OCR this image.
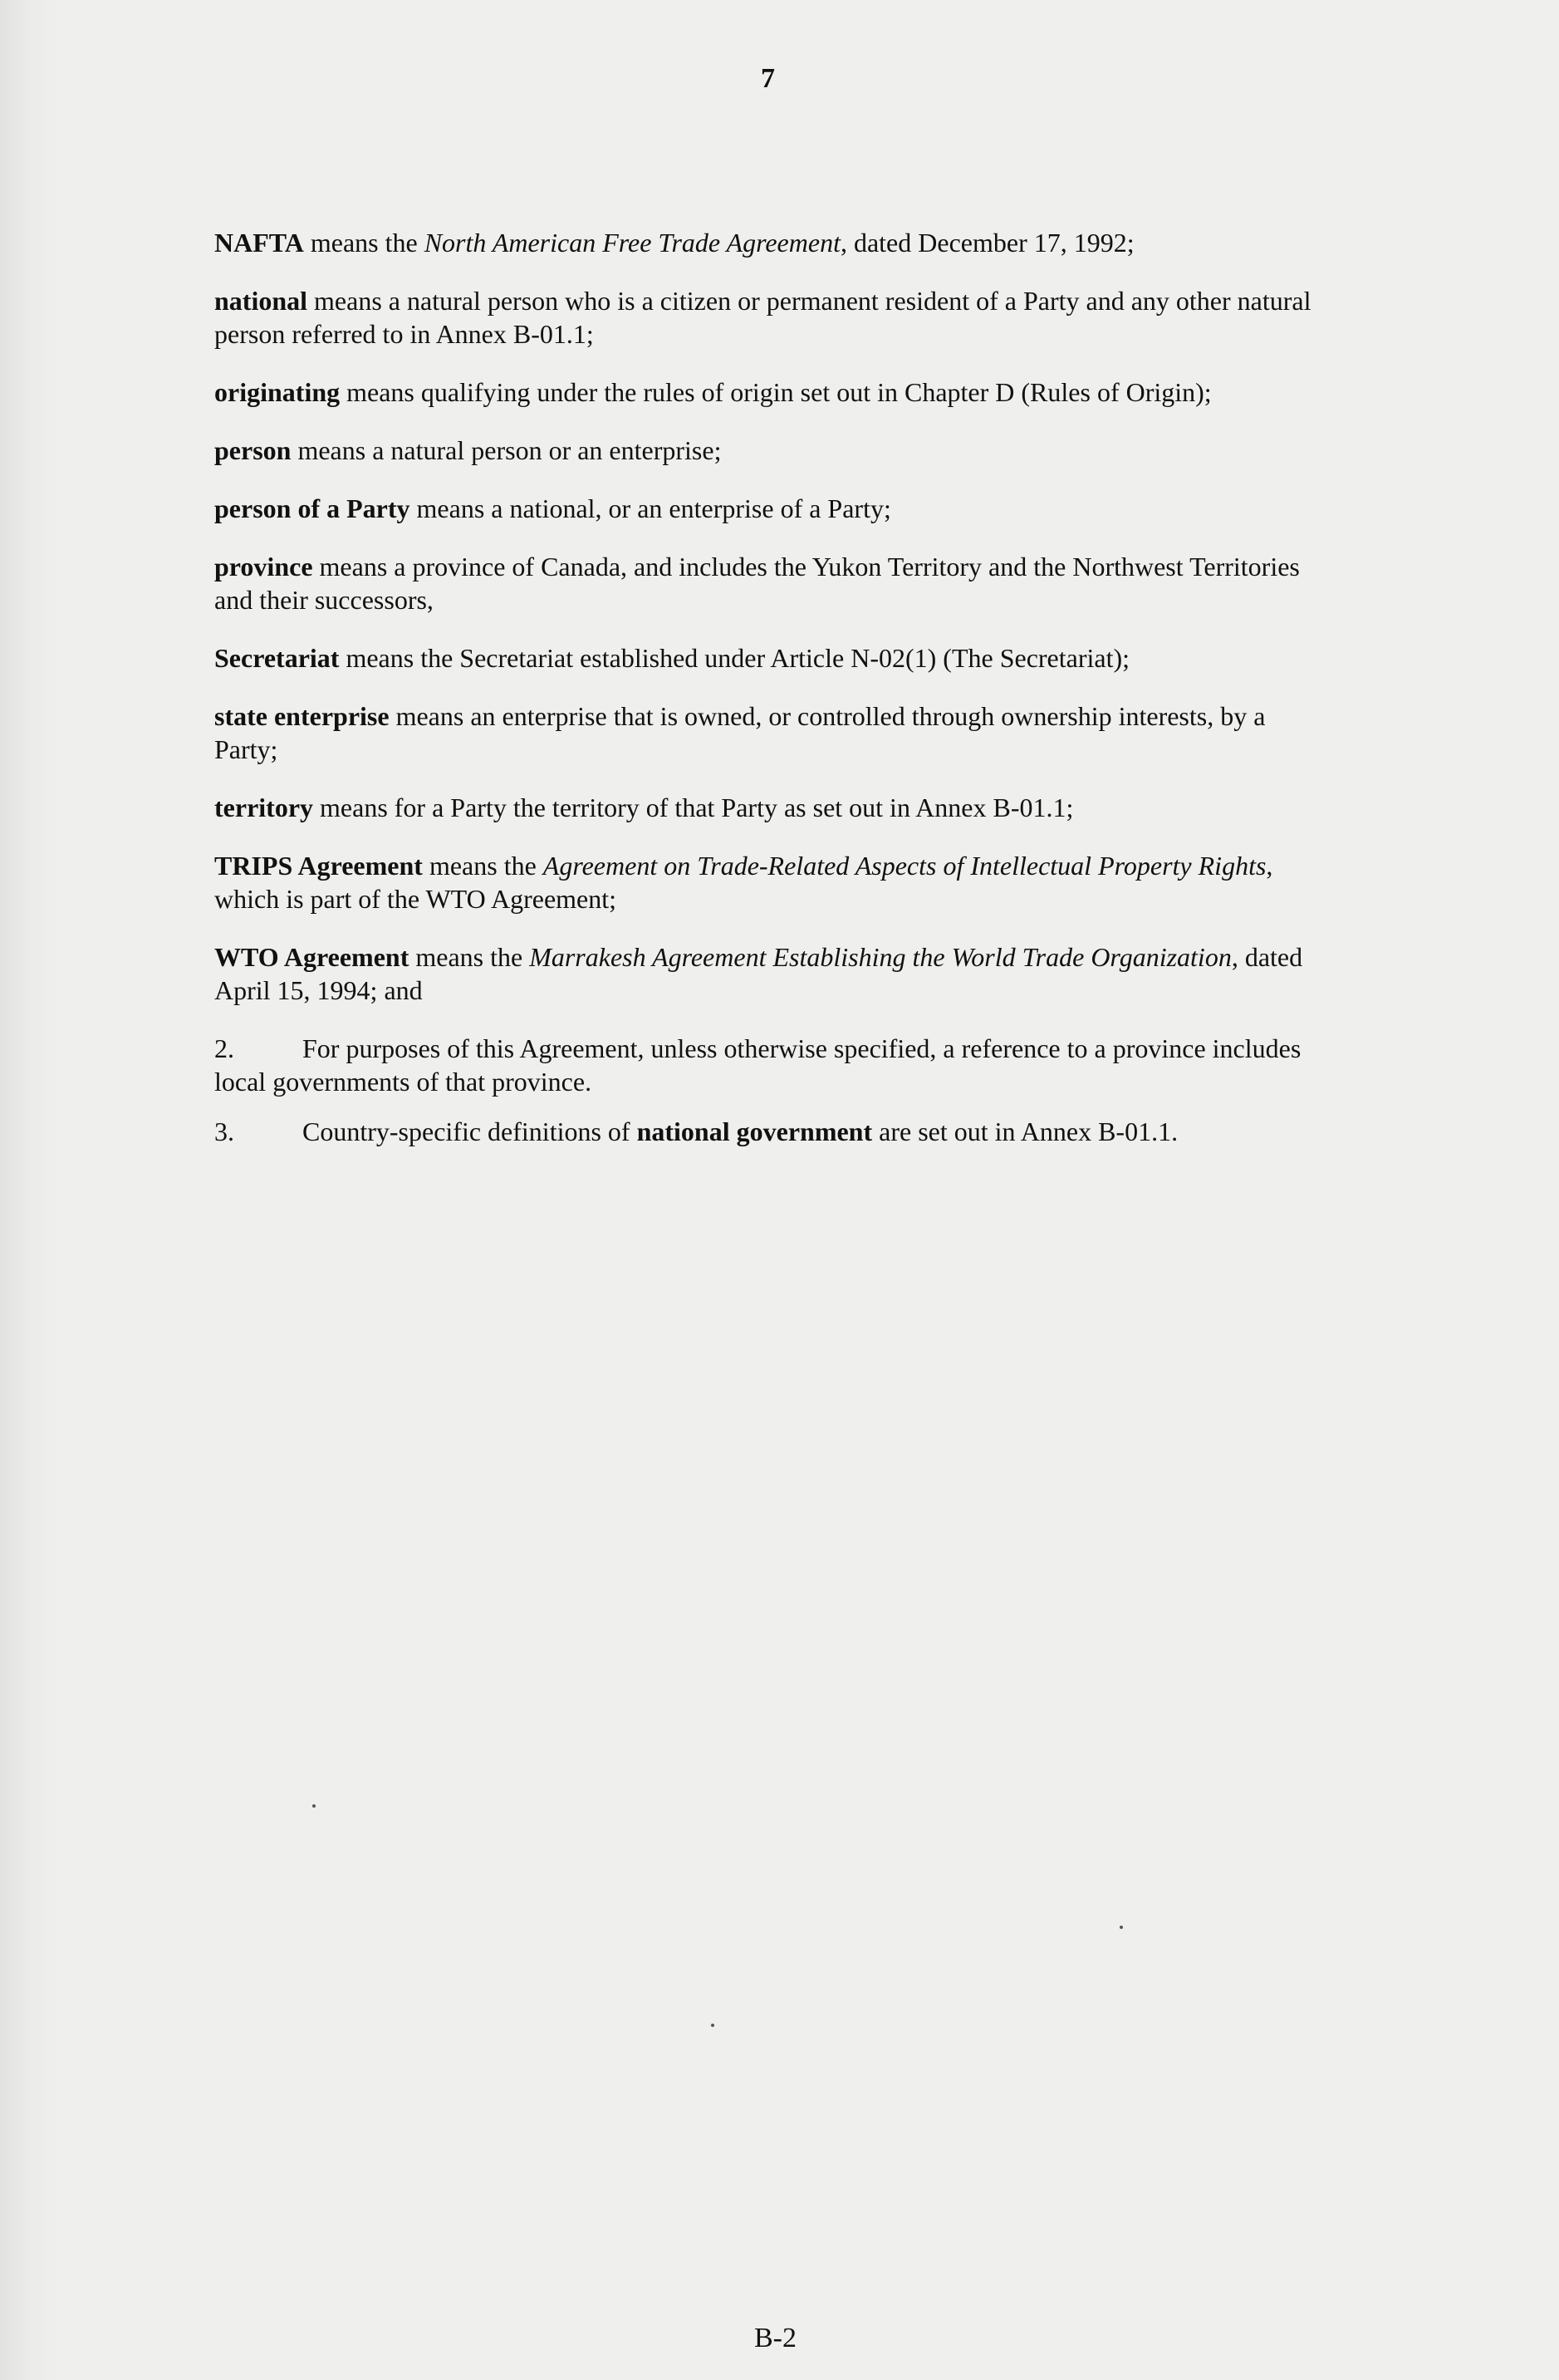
7

NAFTA means the North American Free Trade Agreement, dated December 17, 1992;

national means a natural person who is a citizen or permanent resident of a Party and any other natural person referred to in Annex B-01.1;

originating means qualifying under the rules of origin set out in Chapter D (Rules of Origin);

person means a natural person or an enterprise;

person of a Party means a national, or an enterprise of a Party;

province means a province of Canada, and includes the Yukon Territory and the Northwest Territories and their successors,

Secretariat means the Secretariat established under Article N-02(1) (The Secretariat);

state enterprise means an enterprise that is owned, or controlled through ownership interests, by a Party;

territory means for a Party the territory of that Party as set out in Annex B-01.1;

TRIPS Agreement means the Agreement on Trade-Related Aspects of Intellectual Property Rights, which is part of the WTO Agreement;

WTO Agreement means the Marrakesh Agreement Establishing the World Trade Organization, dated April 15, 1994; and

2.	For purposes of this Agreement, unless otherwise specified, a reference to a province includes local governments of that province.

3.	Country-specific definitions of national government are set out in Annex B-01.1.

B-2
